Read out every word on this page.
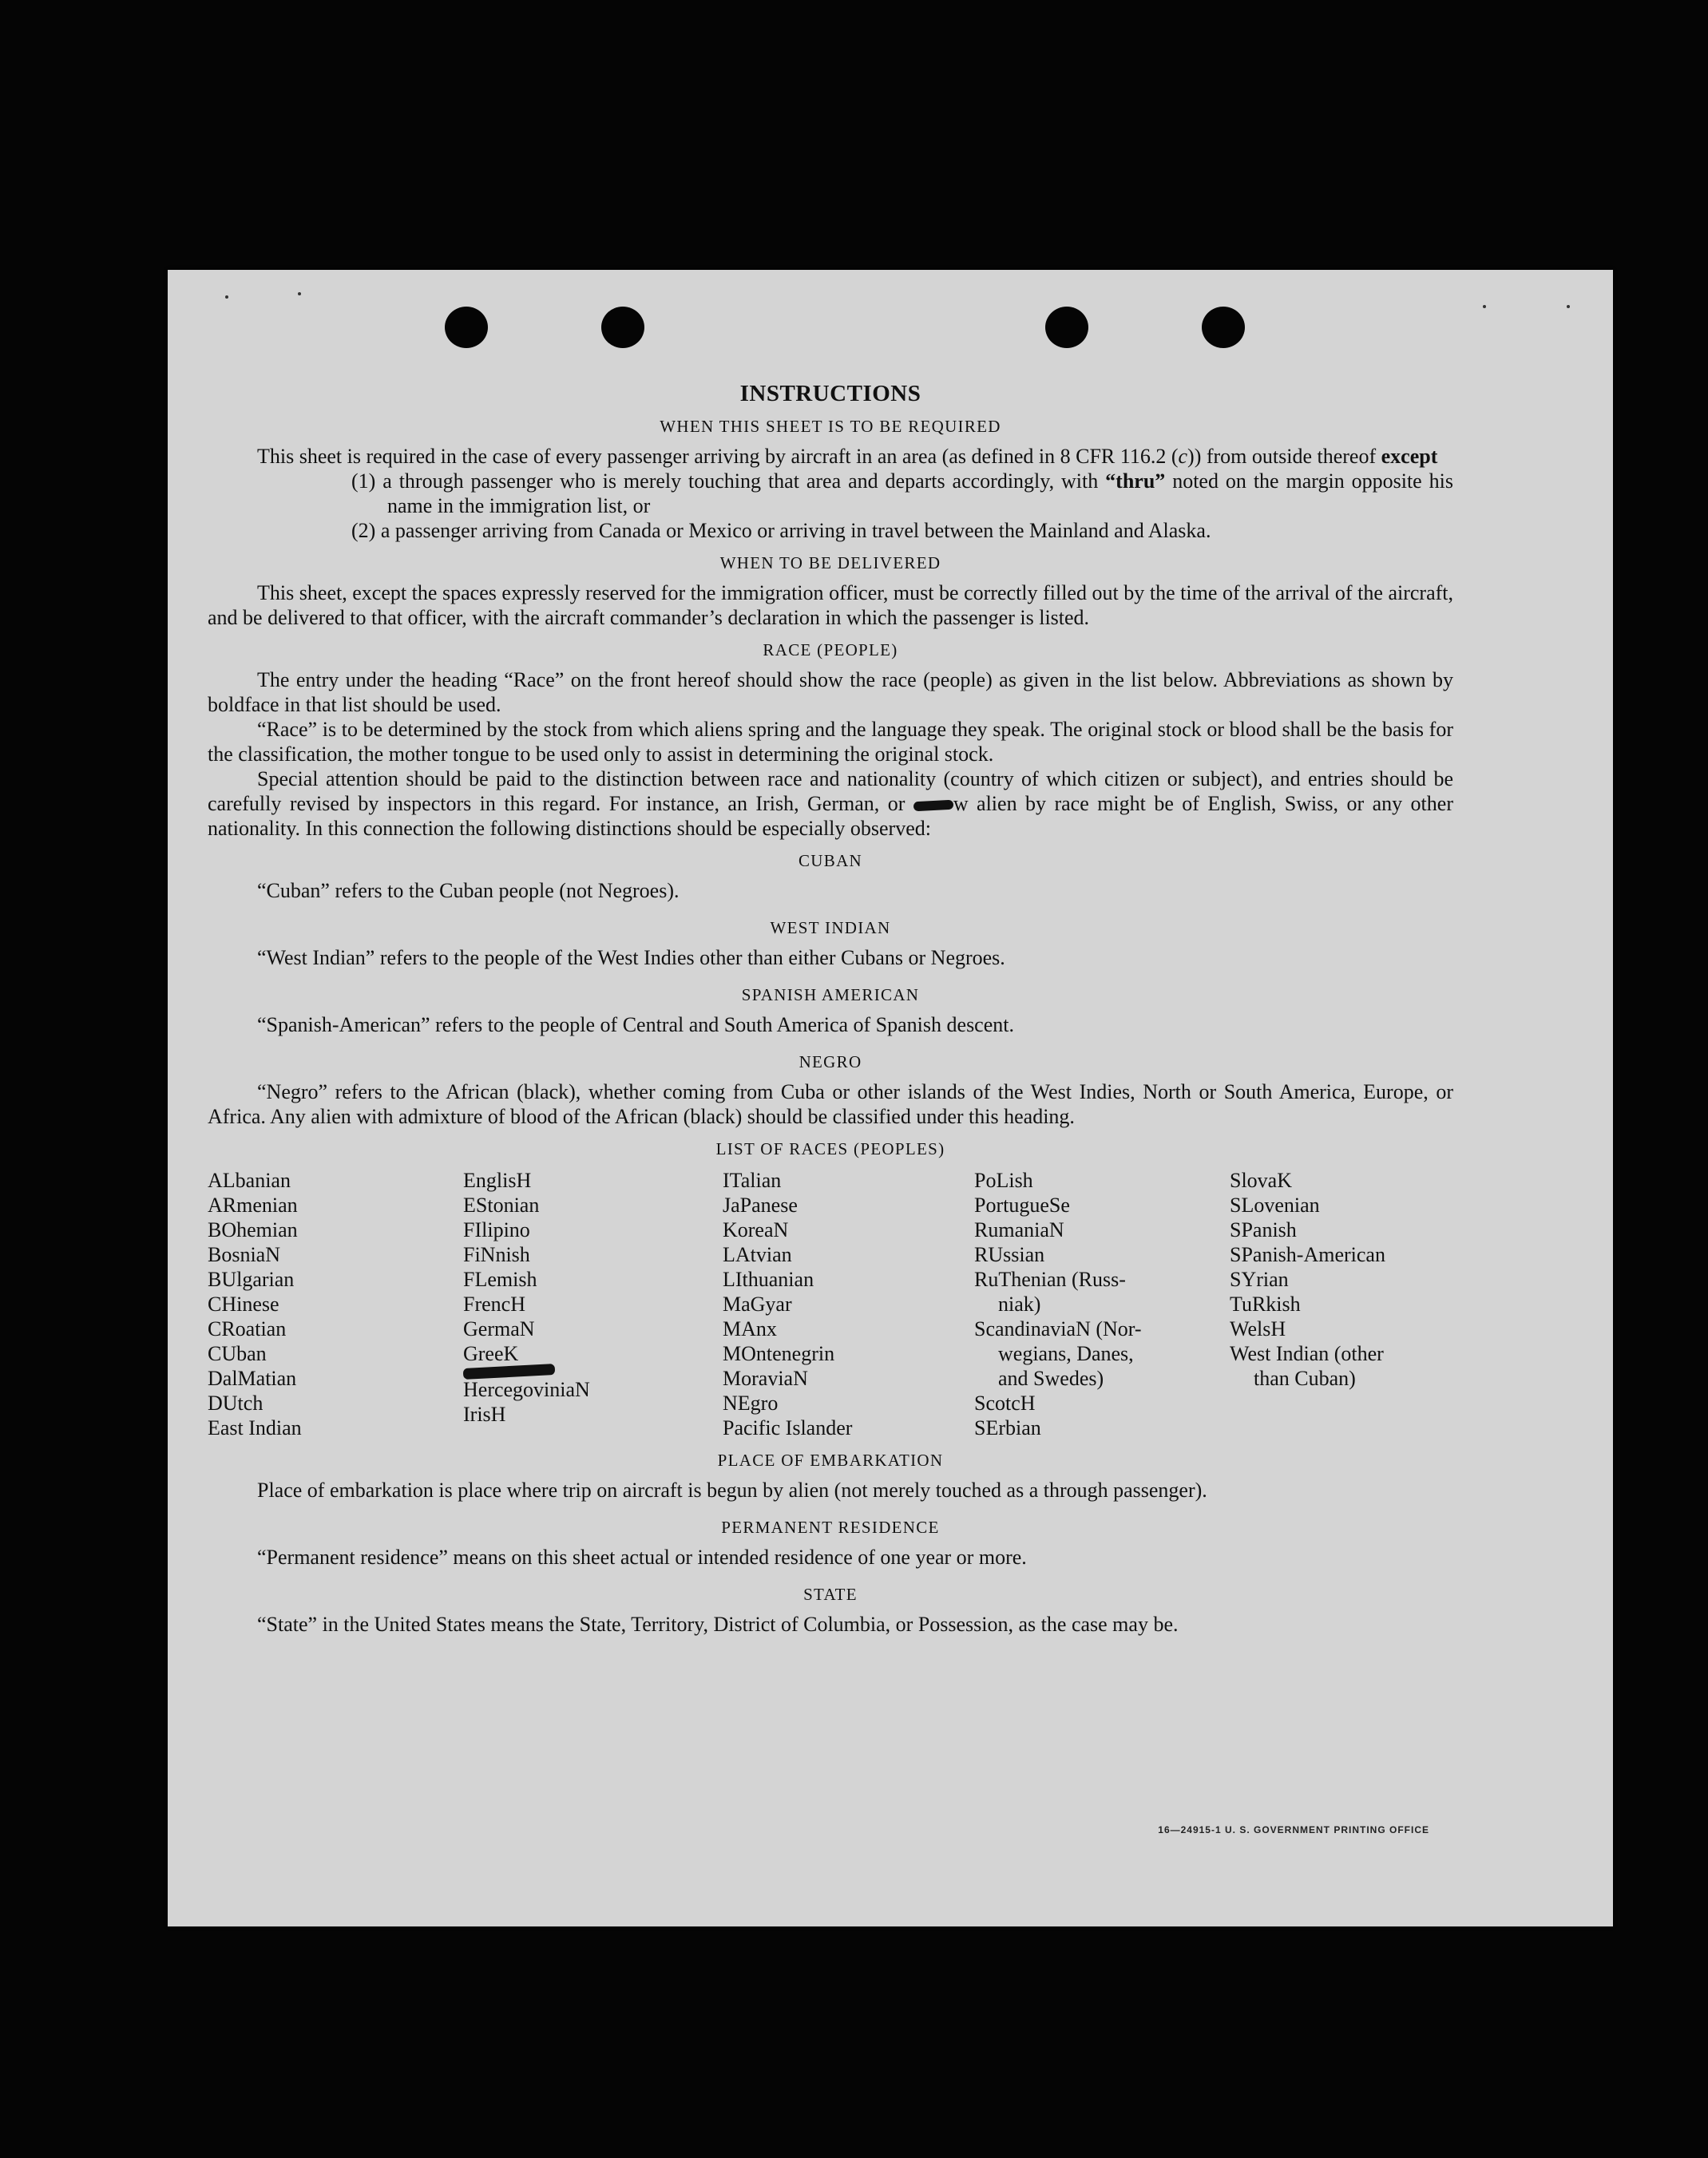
INSTRUCTIONS
WHEN THIS SHEET IS TO BE REQUIRED

This sheet is required in the case of every passenger arriving by aircraft in an area (as defined in 8 CFR 116.2 (c)) from outside thereof except

(1) a through passenger who is merely touching that area and departs accordingly, with “thru” noted on the margin opposite his name in the immigration list, or

(2) a passenger arriving from Canada or Mexico or arriving in travel between the Mainland and Alaska.

WHEN TO BE DELIVERED

This sheet, except the spaces expressly reserved for the immigration officer, must be correctly filled out by the time of the arrival of the aircraft, and be delivered to that officer, with the aircraft commander’s declaration in which the passenger is listed.

RACE (PEOPLE)

The entry under the heading “Race” on the front hereof should show the race (people) as given in the list below. Abbreviations as shown by boldface in that list should be used.

“Race” is to be determined by the stock from which aliens spring and the language they speak. The original stock or blood shall be the basis for the classification, the mother tongue to be used only to assist in determining the original stock.

Special attention should be paid to the distinction between race and nationality (country of which citizen or subject), and entries should be carefully revised by inspectors in this regard. For instance, an Irish, German, or w alien by race might be of English, Swiss, or any other nationality. In this connection the following distinctions should be especially observed:

CUBAN

“Cuban” refers to the Cuban people (not Negroes).

WEST INDIAN

“West Indian” refers to the people of the West Indies other than either Cubans or Negroes.

SPANISH AMERICAN

“Spanish-American” refers to the people of Central and South America of Spanish descent.

NEGRO

“Negro” refers to the African (black), whether coming from Cuba or other islands of the West Indies, North or South America, Europe, or Africa. Any alien with admixture of blood of the African (black) should be classified under this heading.

LIST OF RACES (PEOPLES)
ALbanian
ARmenian
BOhemian
BosniaN
BUlgarian
CHinese
CRoatian
CUban
DalMatian
DUtch
East Indian
EnglisH
EStonian
FIlipino
FiNnish
FLemish
FrencH
GermaN
GreeK
HercegoviniaN
IrisH
ITalian
JaPanese
KoreaN
LAtvian
LIthuanian
MaGyar
MAnx
MOntenegrin
MoraviaN
NEgro
Pacific Islander
PoLish
PortugueSe
RumaniaN
RUssian
RuThenian (Russ-
niak)
ScandinaviaN (Nor-
wegians, Danes,
and Swedes)
ScotcH
SErbian
SlovaK
SLovenian
SPanish
SPanish-American
SYrian
TuRkish
WelsH
West Indian (other
than Cuban)
PLACE OF EMBARKATION

Place of embarkation is place where trip on aircraft is begun by alien (not merely touched as a through passenger).

PERMANENT RESIDENCE

“Permanent residence” means on this sheet actual or intended residence of one year or more.

STATE

“State” in the United States means the State, Territory, District of Columbia, or Possession, as the case may be.

16—24915-1 U. S. GOVERNMENT PRINTING OFFICE
